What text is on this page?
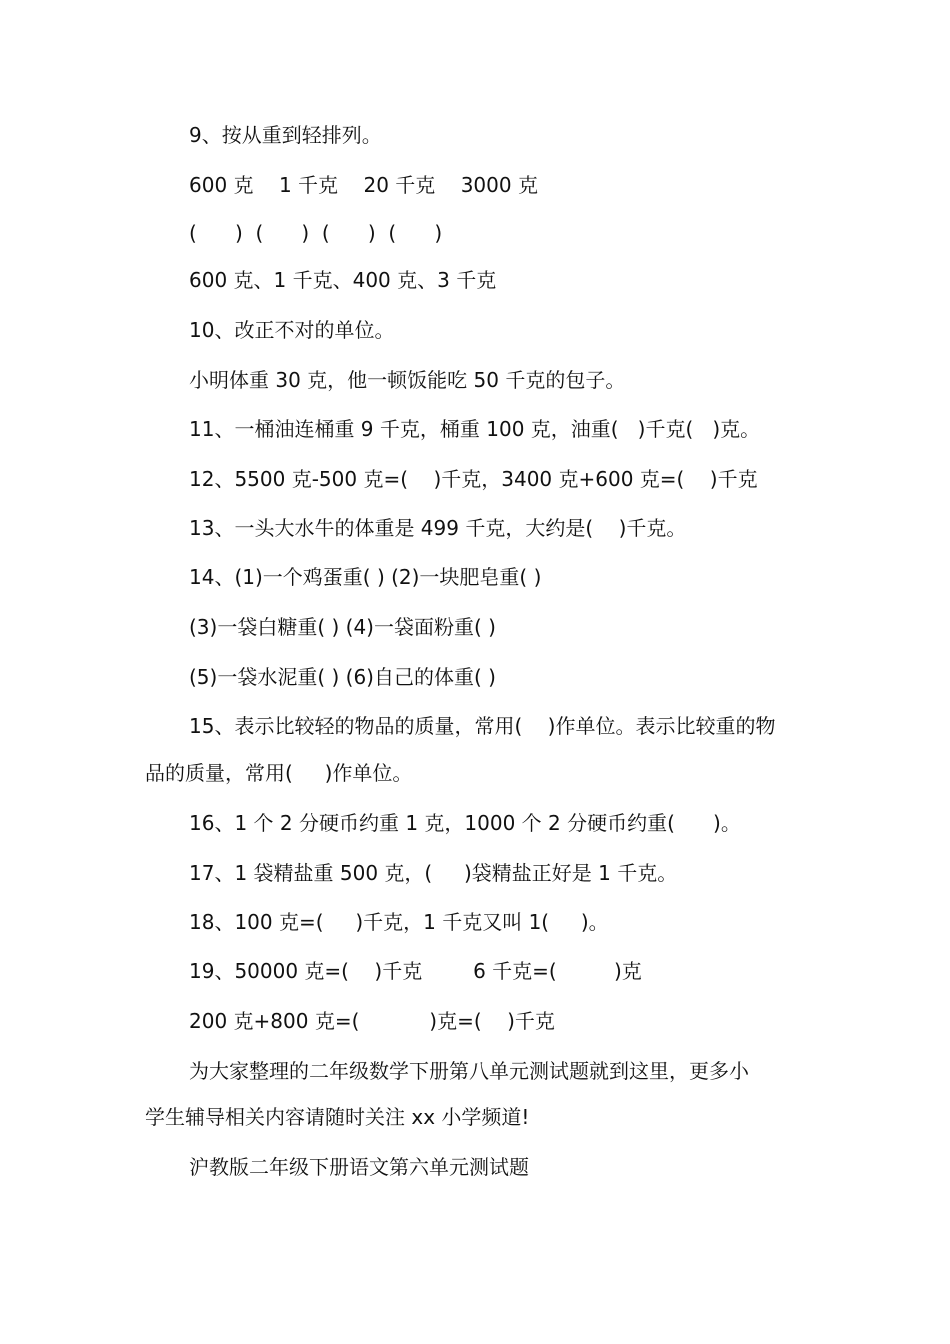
9、按从重到轻排列。
600 克    1 千克    20 千克    3000 克
(      )  (      )  (      )  (      )
600 克、1 千克、400 克、3 千克
10、改正不对的单位。
小明体重 30 克，他一顿饭能吃 50 千克的包子。
11、一桶油连桶重 9 千克，桶重 100 克，油重(   )千克(   )克。
12、5500 克-500 克=(    )千克，3400 克+600 克=(    )千克
13、一头大水牛的体重是 499 千克，大约是(    )千克。
14、(1)一个鸡蛋重( ) (2)一块肥皂重( )
(3)一袋白糖重( ) (4)一袋面粉重( )
(5)一袋水泥重( ) (6)自己的体重( )
15、表示比较轻的物品的质量，常用(    )作单位。表示比较重的物
品的质量，常用(     )作单位。
16、1 个 2 分硬币约重 1 克，1000 个 2 分硬币约重(      )。
17、1 袋精盐重 500 克，(     )袋精盐正好是 1 千克。
18、100 克=(     )千克，1 千克又叫 1(     )。
19、50000 克=(    )千克        6 千克=(         )克
200 克+800 克=(           )克=(    )千克
为大家整理的二年级数学下册第八单元测试题就到这里，更多小
学生辅导相关内容请随时关注 xx 小学频道!
沪教版二年级下册语文第六单元测试题
